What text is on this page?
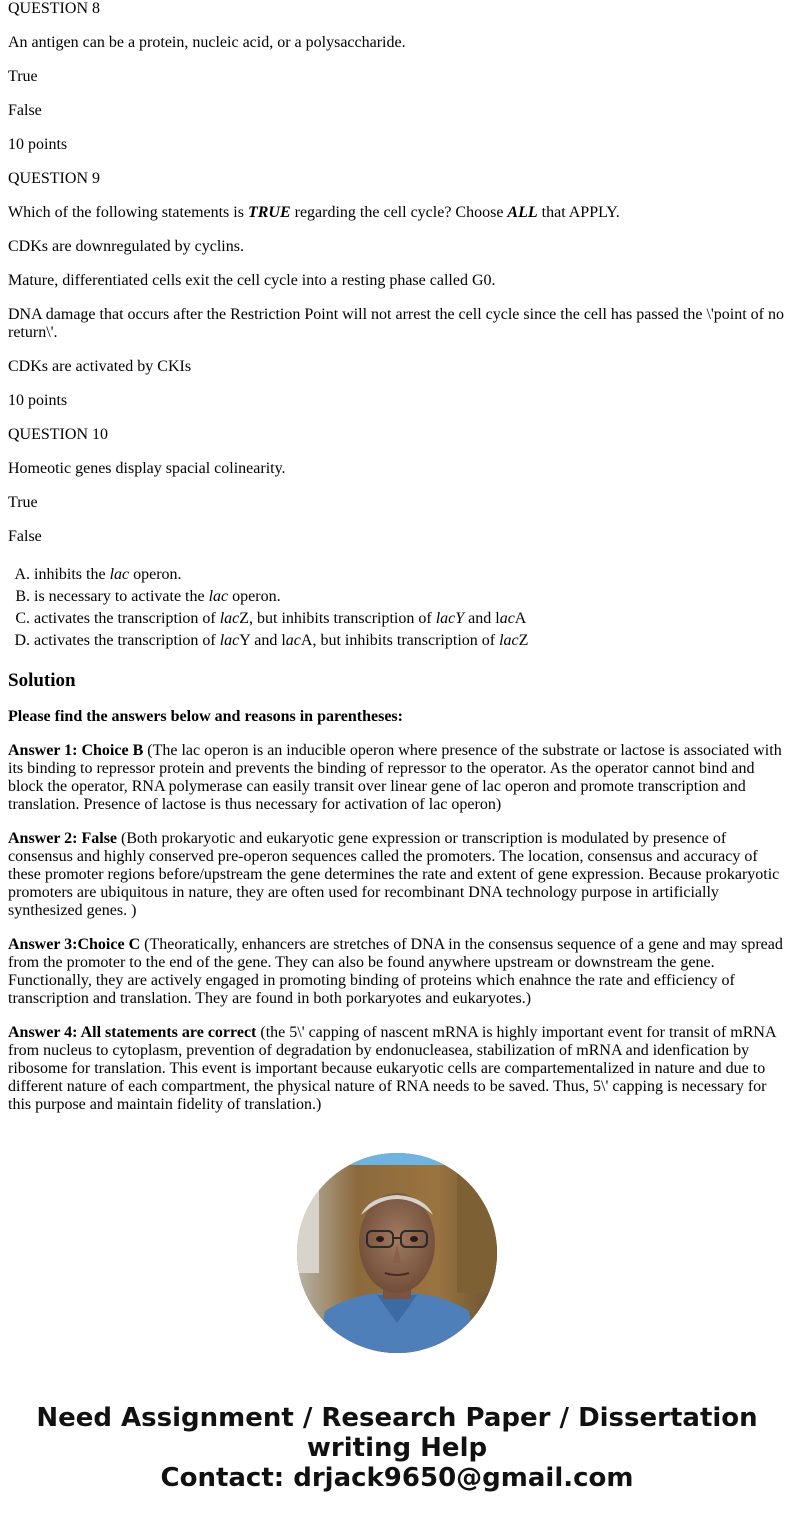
QUESTION 8

An antigen can be a protein, nucleic acid, or a polysaccharide.

True

False

10 points

QUESTION 9

Which of the following statements is TRUE regarding the cell cycle? Choose ALL that APPLY.

CDKs are downregulated by cyclins.

Mature, differentiated cells exit the cell cycle into a resting phase called G0.

DNA damage that occurs after the Restriction Point will not arrest the cell cycle since the cell has passed the \'point of no return\'.

CDKs are activated by CKIs

10 points

QUESTION 10

Homeotic genes display spacial colinearity.

True

False

A. inhibits the lac operon.
B. is necessary to activate the lac operon.
C. activates the transcription of lacZ, but inhibits transcription of lacY and lacA
D. activates the transcription of lacY and lacA, but inhibits transcription of lacZ
Solution

Please find the answers below and reasons in parentheses:

Answer 1: Choice B (The lac operon is an inducible operon where presence of the substrate or lactose is associated with its binding to repressor protein and prevents the binding of repressor to the operator. As the operator cannot bind and block the operator, RNA polymerase can easily transit over linear gene of lac operon and promote transcription and translation. Presence of lactose is thus necessary for activation of lac operon)

Answer 2: False (Both prokaryotic and eukaryotic gene expression or transcription is modulated by presence of consensus and highly conserved pre-operon sequences called the promoters. The location, consensus and accuracy of these promoter regions before/upstream the gene determines the rate and extent of gene expression. Because prokaryotic promoters are ubiquitous in nature, they are often used for recombinant DNA technology purpose in artificially synthesized genes. )

Answer 3:Choice C (Theoratically, enhancers are stretches of DNA in the consensus sequence of a gene and may spread from the promoter to the end of the gene. They can also be found anywhere upstream or downstream the gene. Functionally, they are actively engaged in promoting binding of proteins which enahnce the rate and efficiency of transcription and translation. They are found in both porkaryotes and eukaryotes.)

Answer 4: All statements are correct (the 5\' capping of nascent mRNA is highly important event for transit of mRNA from nucleus to cytoplasm, prevention of degradation by endonucleasea, stabilization of mRNA and idenfication by ribosome for translation. This event is important because eukaryotic cells are compartementalized in nature and due to different nature of each compartment, the physical nature of RNA needs to be saved. Thus, 5\' capping is necessary for this purpose and maintain fidelity of translation.)

Need Assignment / Research Paper / Dissertation
writing Help
Contact: drjack9650@gmail.com
